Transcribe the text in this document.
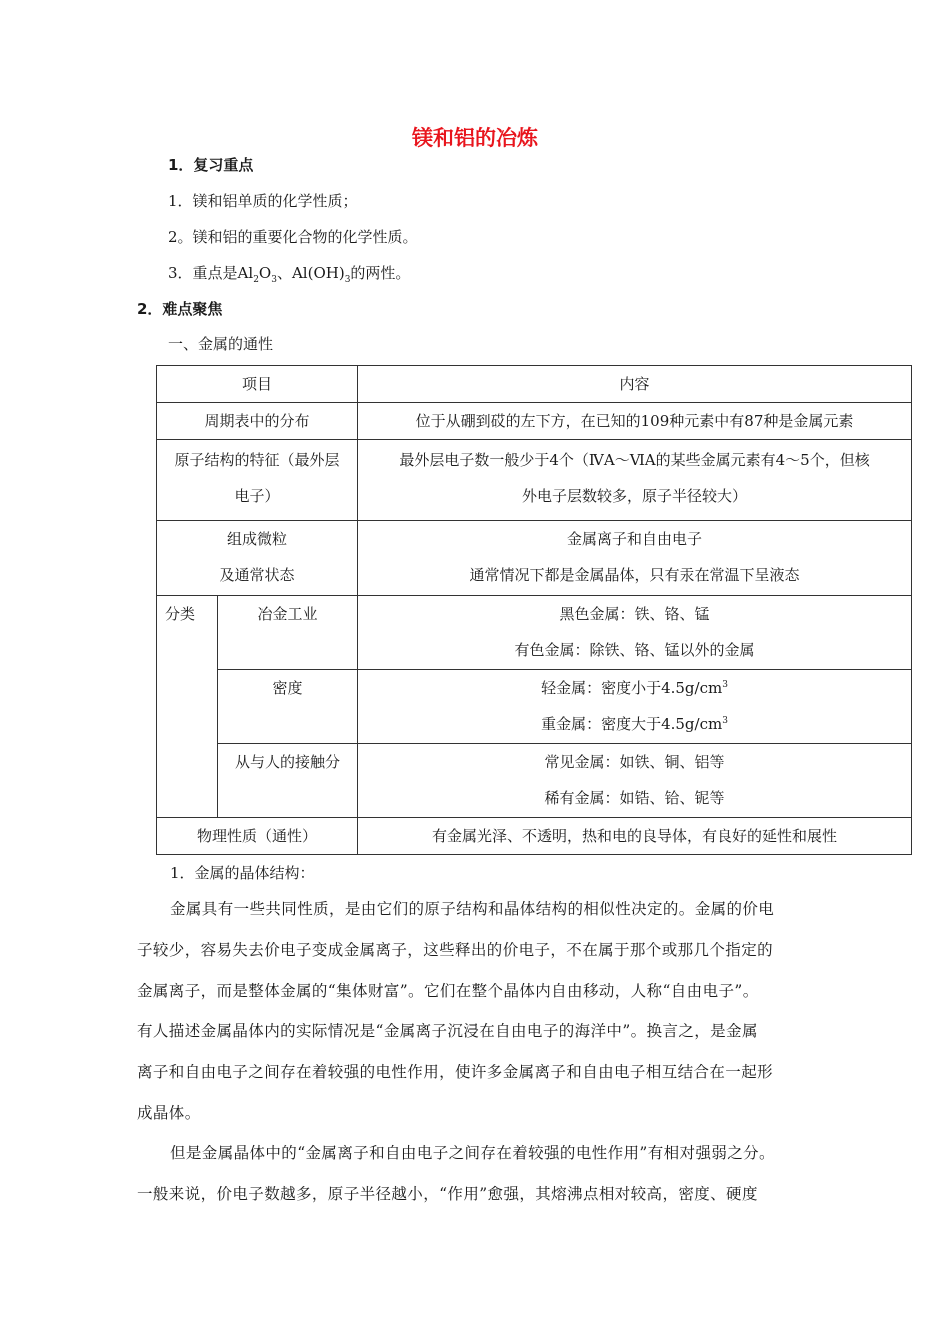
镁和铝的冶炼
1．复习重点
1．镁和铝单质的化学性质；
2。镁和铝的重要化合物的化学性质。
3．重点是$Al_2O_3$、$Al(OH)_3$的两性。
2．难点聚焦
一、金属的通性
项目		内容
周期表中的分布		位于从硼到砹的左下方，在已知的109种元素中有87种是金属元素

原子结构的特征（最外层
电子）		最外层电子数一般少于4个（ⅣA～ⅥA的某些金属元素有4～5个，但核
外电子层数较多，原子半径较大）

组成微粒
及通常状态		金属离子和自由电子
通常情况下都是金属晶体，只有汞在常温下呈液态

分类	冶金工业	黑色金属：铁、铬、锰
有色金属：除铁、铬、锰以外的金属

	密度	轻金属：密度小于$4.5g/cm^3$
重金属：密度大于$4.5g/cm^3$

	从与人的接触分	常见金属：如铁、铜、铝等
稀有金属：如锆、铪、铌等

物理性质（通性）		有金属光泽、不透明，热和电的良导体，有良好的延性和展性
1．金属的晶体结构：
金属具有一些共同性质，是由它们的原子结构和晶体结构的相似性决定的。金属的价电
子较少，容易失去价电子变成金属离子，这些释出的价电子，不在属于那个或那几个指定的
金属离子，而是整体金属的“集体财富”。它们在整个晶体内自由移动，人称“自由电子”。
有人描述金属晶体内的实际情况是“金属离子沉浸在自由电子的海洋中”。换言之，是金属
离子和自由电子之间存在着较强的电性作用，使许多金属离子和自由电子相互结合在一起形
成晶体。
但是金属晶体中的“金属离子和自由电子之间存在着较强的电性作用”有相对强弱之分。
一般来说，价电子数越多，原子半径越小，“作用”愈强，其熔沸点相对较高，密度、硬度
